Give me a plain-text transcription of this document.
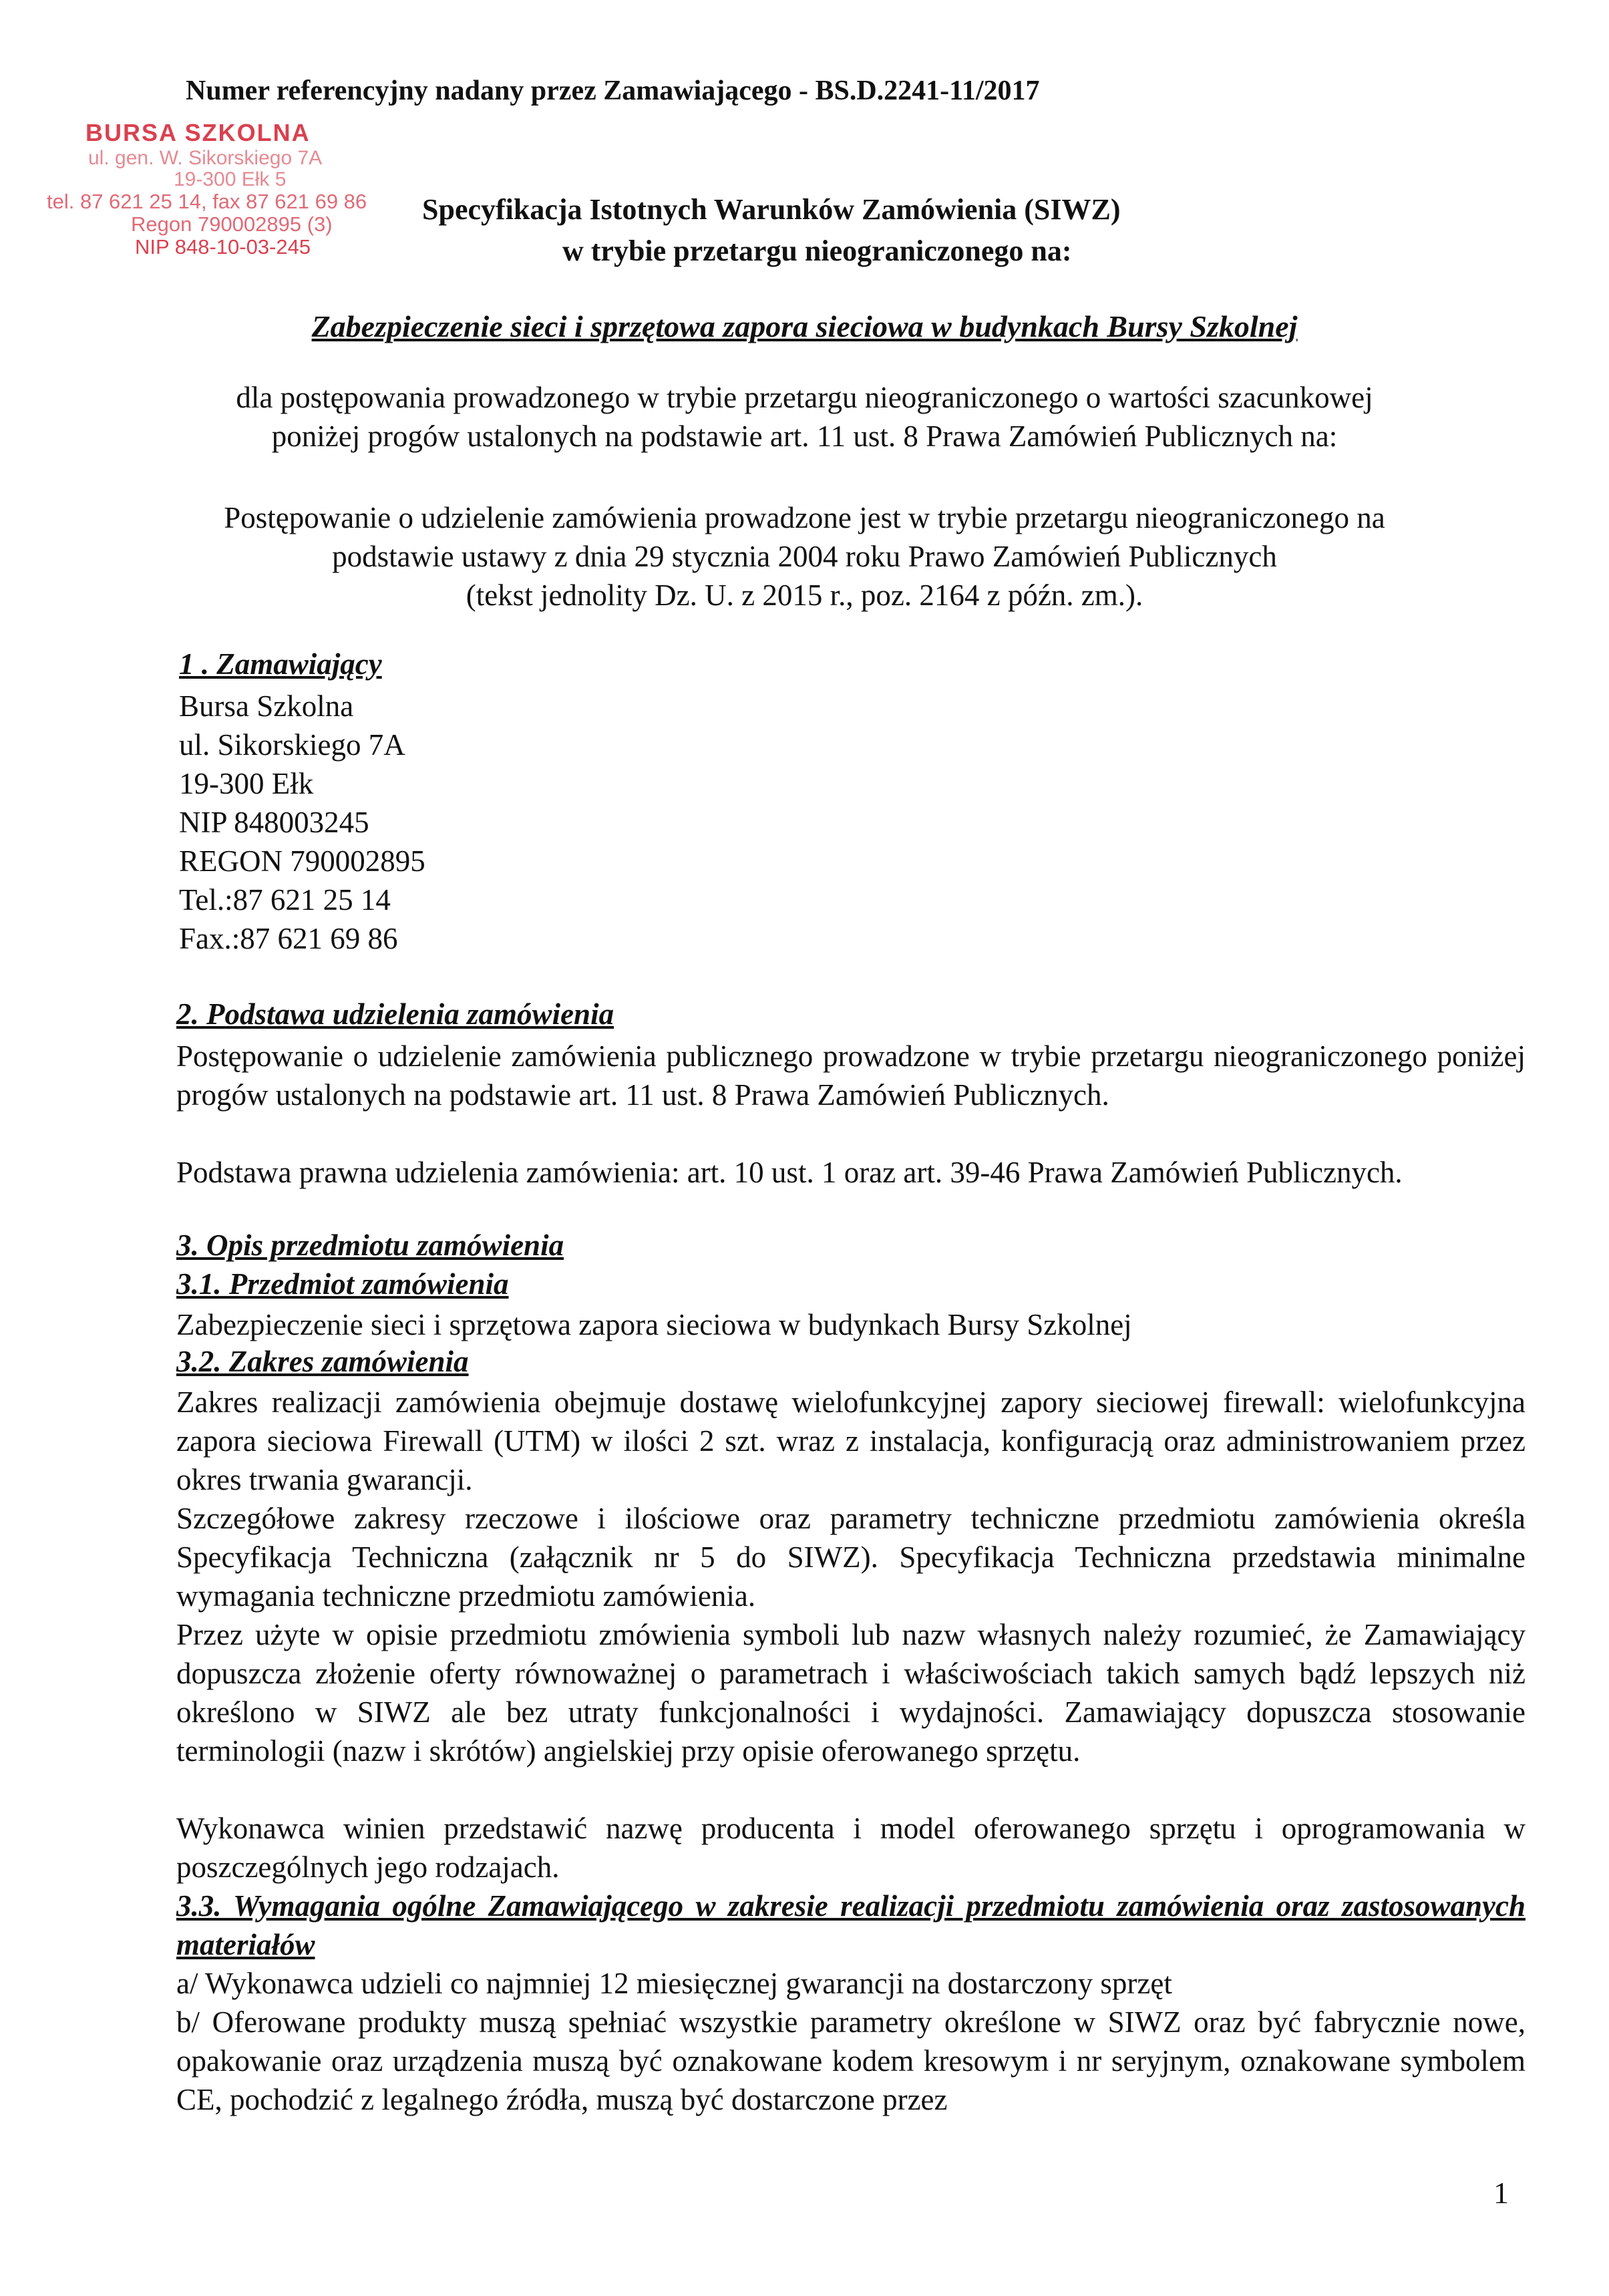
Numer referencyjny nadany przez Zamawiającego - BS.D.2241-11/2017

BURSA SZKOLNA

ul. gen. W. Sikorskiego 7A

19-300 Ełk 5

tel. 87 621 25 14, fax 87 621 69 86

Regon 790002895 (3)

NIP 848-10-03-245

Specyfikacja Istotnych Warunków Zamówienia (SIWZ)

w trybie przetargu nieograniczonego na:

Zabezpieczenie sieci i sprzętowa zapora sieciowa w budynkach Bursy Szkolnej

dla postępowania prowadzonego w trybie przetargu nieograniczonego o wartości szacunkowej

poniżej progów ustalonych na podstawie art. 11 ust. 8 Prawa Zamówień Publicznych na:

Postępowanie o udzielenie zamówienia prowadzone jest w trybie przetargu nieograniczonego na

podstawie ustawy z dnia 29 stycznia 2004 roku Prawo Zamówień Publicznych

(tekst jednolity Dz. U. z 2015 r., poz. 2164 z późn. zm.).

1 . Zamawiający

Bursa Szkolna
ul. Sikorskiego 7A
19-300 Ełk
NIP 848003245
REGON 790002895
Tel.:87 621 25 14
Fax.:87 621 69 86

2. Podstawa udzielenia zamówienia

Postępowanie o udzielenie zamówienia publicznego prowadzone w trybie przetargu nieograniczonego poniżej progów ustalonych na podstawie art. 11 ust. 8 Prawa Zamówień Publicznych.

Podstawa prawna udzielenia zamówienia: art. 10 ust. 1 oraz art. 39-46 Prawa Zamówień Publicznych.

3. Opis przedmiotu zamówienia

3.1. Przedmiot zamówienia

Zabezpieczenie sieci i sprzętowa zapora sieciowa w budynkach Bursy Szkolnej

3.2. Zakres zamówienia

Zakres realizacji zamówienia obejmuje dostawę wielofunkcyjnej zapory sieciowej firewall: wielofunkcyjna zapora sieciowa Firewall (UTM) w ilości 2 szt. wraz z instalacja, konfiguracją oraz administrowaniem przez okres trwania gwarancji.

Szczegółowe zakresy rzeczowe i ilościowe oraz parametry techniczne przedmiotu zamówienia określa Specyfikacja Techniczna (załącznik nr 5 do SIWZ). Specyfikacja Techniczna przedstawia minimalne wymagania techniczne przedmiotu zamówienia.

Przez użyte w opisie przedmiotu zmówienia symboli lub nazw własnych należy rozumieć, że Zamawiający dopuszcza złożenie oferty równoważnej o parametrach i właściwościach takich samych bądź lepszych niż określono w SIWZ ale bez utraty funkcjonalności i wydajności. Zamawiający dopuszcza stosowanie terminologii (nazw i skrótów) angielskiej przy opisie oferowanego sprzętu.

Wykonawca winien przedstawić nazwę producenta i model oferowanego sprzętu i oprogramowania w poszczególnych jego rodzajach.

3.3. Wymagania ogólne Zamawiającego w zakresie realizacji przedmiotu zamówienia oraz zastosowanych materiałów

a/ Wykonawca udzieli co najmniej 12 miesięcznej gwarancji na dostarczony sprzęt

b/ Oferowane produkty muszą spełniać wszystkie parametry określone w SIWZ oraz być fabrycznie nowe, opakowanie oraz urządzenia muszą być oznakowane kodem kresowym i nr seryjnym, oznakowane symbolem CE, pochodzić z legalnego źródła, muszą być dostarczone przez

1
